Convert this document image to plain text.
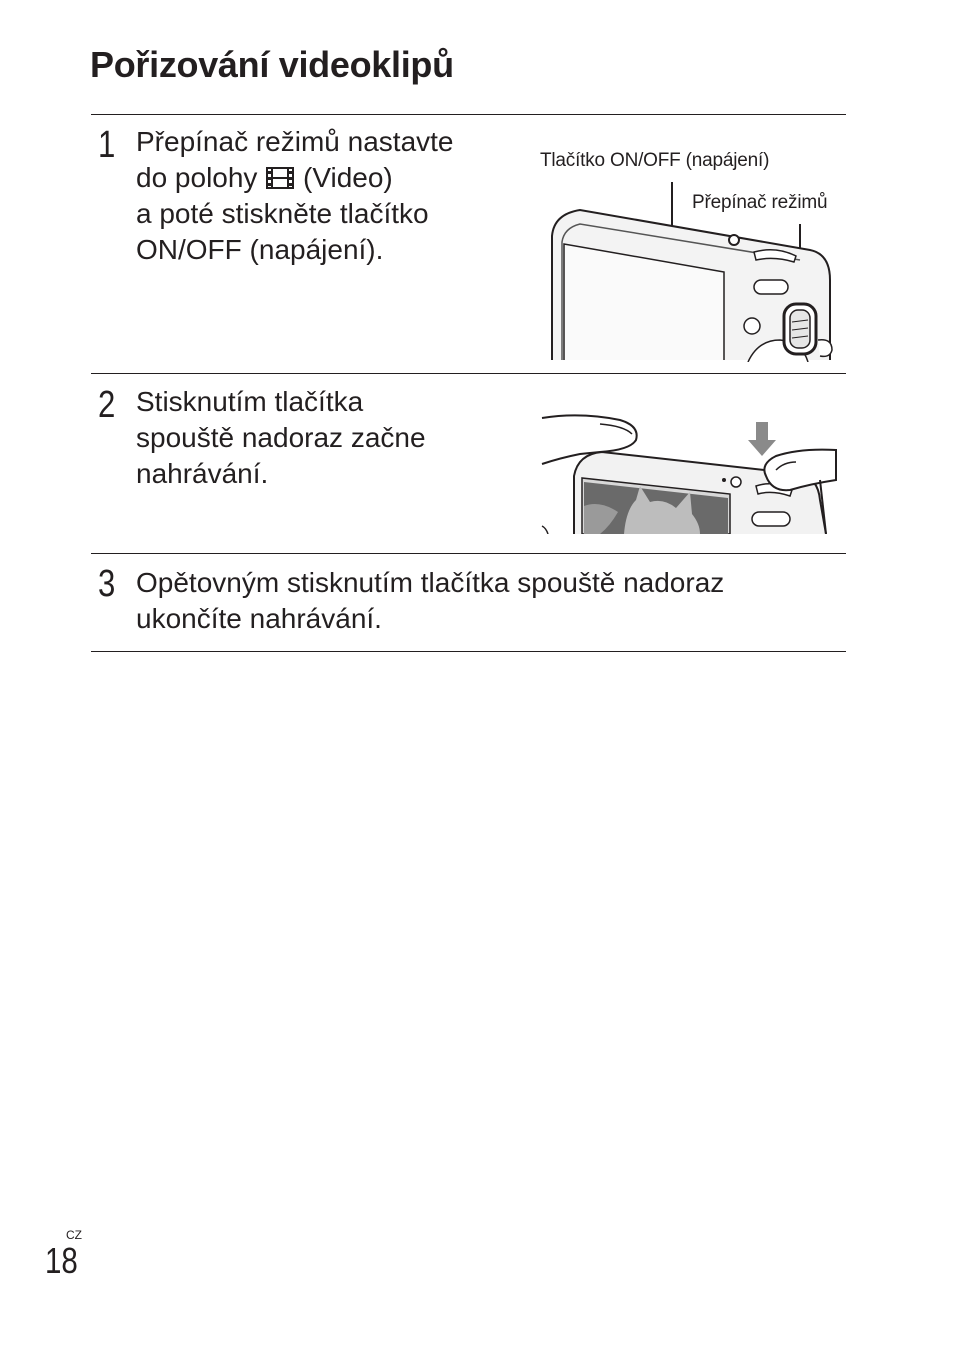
Pořizování videoklipů
1 Přepínač režimů nastavte
do polohy  (Video)
a poté stiskněte tlačítko
ON/OFF (napájení).
Tlačítko ON/OFF (napájení)
Přepínač režimů
2 Stisknutím tlačítka
spouště nadoraz začne
nahrávání.
3 Opětovným stisknutím tlačítka spouště nadoraz
ukončíte nahrávání.
CZ
18
